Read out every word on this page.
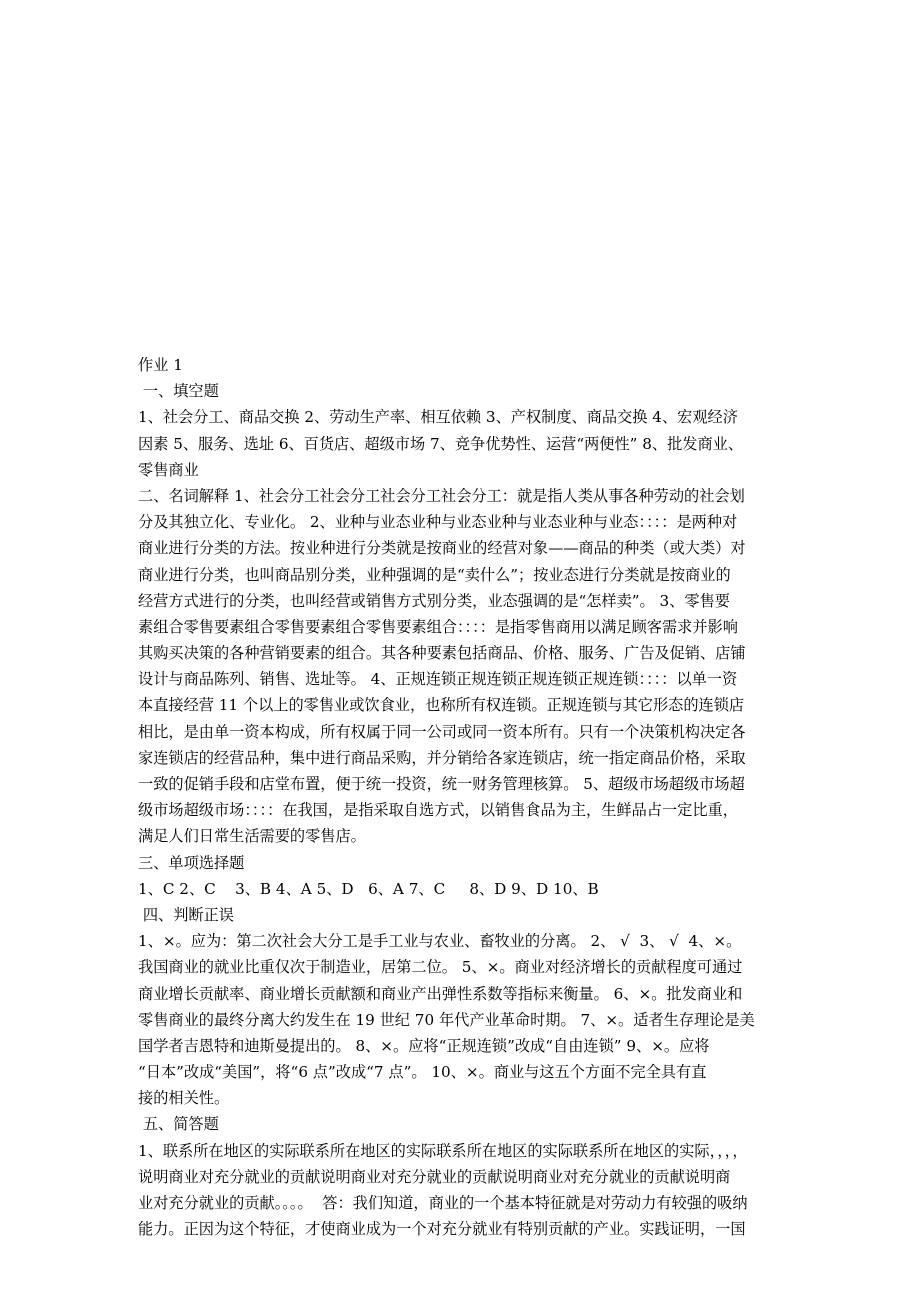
作业 1
一、填空题
1、社会分工、商品交换 2、劳动生产率、相互依赖 3、产权制度、商品交换 4、宏观经济
因素 5、服务、选址 6、百货店、超级市场 7、竞争优势性、运营“两便性” 8、批发商业、
零售商业
二、名词解释 1、社会分工社会分工社会分工社会分工：就是指人类从事各种劳动的社会划
分及其独立化、专业化。 2、业种与业态业种与业态业种与业态业种与业态：：：：是两种对
商业进行分类的方法。按业种进行分类就是按商业的经营对象——商品的种类（或大类）对
商业进行分类，也叫商品别分类，业种强调的是“卖什么”；按业态进行分类就是按商业的
经营方式进行的分类，也叫经营或销售方式别分类，业态强调的是“怎样卖”。 3、零售要
素组合零售要素组合零售要素组合零售要素组合：：：：是指零售商用以满足顾客需求并影响
其购买决策的各种营销要素的组合。其各种要素包括商品、价格、服务、广告及促销、店铺
设计与商品陈列、销售、选址等。 4、正规连锁正规连锁正规连锁正规连锁：：：：以单一资
本直接经营 11 个以上的零售业或饮食业，也称所有权连锁。正规连锁与其它形态的连锁店
相比，是由单一资本构成，所有权属于同一公司或同一资本所有。只有一个决策机构决定各
家连锁店的经营品种，集中进行商品采购，并分销给各家连锁店，统一指定商品价格，采取
一致的促销手段和店堂布置，便于统一投资，统一财务管理核算。 5、超级市场超级市场超
级市场超级市场：：：：在我国，是指采取自选方式，以销售食品为主，生鲜品占一定比重，
满足人们日常生活需要的零售店。
三、单项选择题
1、C 2、C    3、B 4、A 5、D   6、A 7、C     8、D 9、D 10、B
四、判断正误
1、×。应为：第二次社会大分工是手工业与农业、畜牧业的分离。 2、 √  3、 √  4、×。
我国商业的就业比重仅次于制造业，居第二位。 5、×。商业对经济增长的贡献程度可通过
商业增长贡献率、商业增长贡献额和商业产出弹性系数等指标来衡量。 6、×。批发商业和
零售商业的最终分离大约发生在 19 世纪 70 年代产业革命时期。 7、×。适者生存理论是美
国学者吉恩特和迪斯曼提出的。 8、×。应将“正规连锁”改成“自由连锁” 9、×。应将
“日本”改成“美国”，将“6 点”改成“7 点”。 10、×。商业与这五个方面不完全具有直
接的相关性。
五、简答题
1、联系所在地区的实际联系所在地区的实际联系所在地区的实际联系所在地区的实际，，，，
说明商业对充分就业的贡献说明商业对充分就业的贡献说明商业对充分就业的贡献说明商
业对充分就业的贡献。。。。  答：我们知道，商业的一个基本特征就是对劳动力有较强的吸纳
能力。正因为这个特征，才使商业成为一个对充分就业有特别贡献的产业。实践证明，一国
